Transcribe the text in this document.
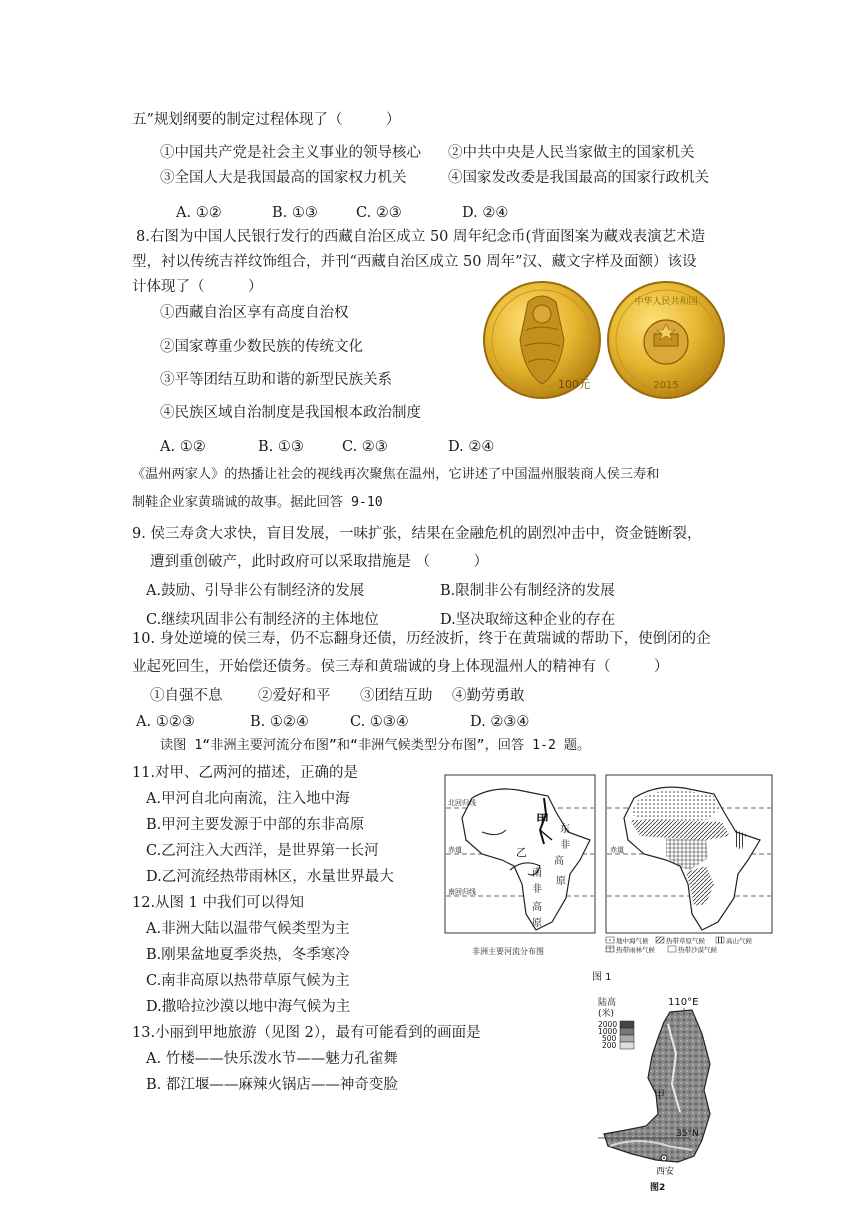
五”规划纲要的制定过程体现了（　　　）
①中国共产党是社会主义事业的领导核心 ②中共中央是人民当家做主的国家机关
③全国人大是我国最高的国家权力机关	④国家发改委是我国最高的国家行政机关
A. ①②	B. ①③	C. ②③	D. ②④
8.右图为中国人民银行发行的西藏自治区成立 50 周年纪念币(背面图案为藏戏表演艺术造
型，衬以传统吉祥纹饰组合，并刊“西藏自治区成立 50 周年”汉、藏文字样及面额）该设
计体现了（　　　）
①西藏自治区享有高度自治权
②国家尊重少数民族的传统文化
③平等团结互助和谐的新型民族关系
④民族区域自治制度是我国根本政治制度
A. ①②	B. ①③	C. ②③	D. ②④
100元
中华人民共和国
2015
《温州两家人》的热播让社会的视线再次聚焦在温州，它讲述了中国温州服装商人侯三寿和
制鞋企业家黄瑞诚的故事。据此回答 9-10
9. 侯三寿贪大求快，盲目发展，一味扩张，结果在金融危机的剧烈冲击中，资金链断裂，
遭到重创破产，此时政府可以采取措施是 （　　　）
A.鼓励、引导非公有制经济的发展	B.限制非公有制经济的发展
C.继续巩固非公有制经济的主体地位	D.坚决取缔这种企业的存在
10. 身处逆境的侯三寿，仍不忘翻身还债，历经波折，终于在黄瑞诚的帮助下，使倒闭的企
业起死回生，开始偿还债务。侯三寿和黄瑞诚的身上体现温州人的精神有（　　　）
①自强不息 ②爱好和平 ③团结互助 ④勤劳勇敢
A. ①②③	B. ①②④	C. ①③④	D. ②③④
读图 1“非洲主要河流分布图”和“非洲气候类型分布图”，回答 1-2 题。
11.对甲、乙两河的描述，正确的是
A.甲河自北向南流，注入地中海
B.甲河主要发源于中部的东非高原
C.乙河注入大西洋，是世界第一长河
D.乙河流经热带雨林区，水量世界最大
12.从图 1 中我们可以得知
A.非洲大陆以温带气候类型为主
B.刚果盆地夏季炎热，冬季寒冷
C.南非高原以热带草原气候为主
D.撒哈拉沙漠以地中海气候为主
13.小丽到甲地旅游（见图 2），最有可能看到的画面是
A. 竹楼——快乐泼水节——魅力孔雀舞
B. 都江堰——麻辣火锅店——神奇变脸
北回归线
赤道
南回归线
甲
乙
东
非
高
原
南
非
高
原
赤道
地中海气候	热带草原气候	高山气候
热带雨林气候	热带沙漠气候
非洲主要河流分布图
图 1
陆高
(米)
2000
1000
500
200
110°E
甲
35°N
西安
图2
